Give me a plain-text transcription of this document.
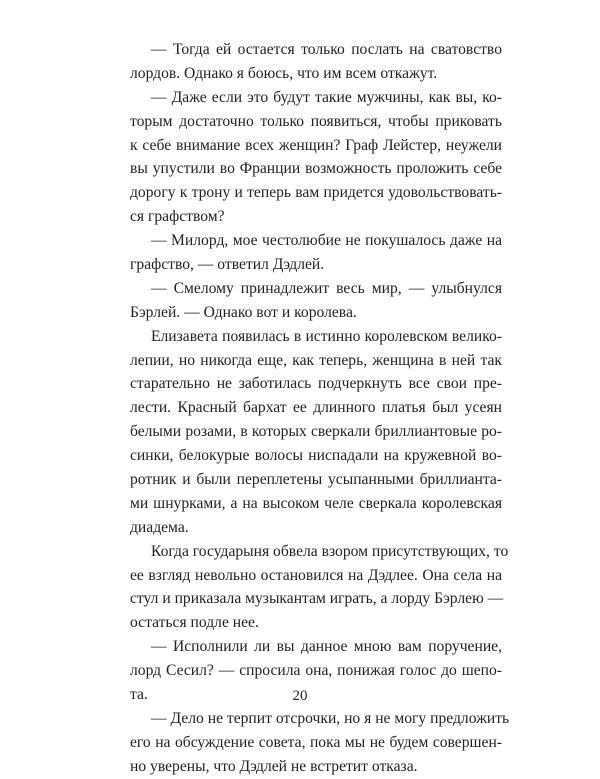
— Тогда ей остается только послать на сватовство
лордов. Однако я боюсь, что им всем откажут.
— Даже если это будут такие мужчины, как вы, ко-
торым достаточно только появиться, чтобы приковать
к себе внимание всех женщин? Граф Лейстер, неужели
вы упустили во Франции возможность проложить себе
дорогу к трону и теперь вам придется удовольствовать-
ся графством?
— Милорд, мое честолюбие не покушалось даже на
графство, — ответил Дэдлей.
— Смелому принадлежит весь мир, — улыбнулся
Бэрлей. — Однако вот и королева.
Елизавета появилась в истинно королевском велико-
лепии, но никогда еще, как теперь, женщина в ней так
старательно не заботилась подчеркнуть все свои пре-
лести. Красный бархат ее длинного платья был усеян
белыми розами, в которых сверкали бриллиантовые ро-
синки, белокурые волосы ниспадали на кружевной во-
ротник и были переплетены усыпанными бриллианта-
ми шнурками, а на высоком челе сверкала королевская
диадема.
Когда государыня обвела взором присутствующих, то
ее взгляд невольно остановился на Дэдлее. Она села на
стул и приказала музыкантам играть, а лорду Бэрлею —
остаться подле нее.
— Исполнили ли вы данное мною вам поручение,
лорд Сесил? — спросила она, понижая голос до шепо-
та.
— Дело не терпит отсрочки, но я не могу предложить
его на обсуждение совета, пока мы не будем совершен-
но уверены, что Дэдлей не встретит отказа.
20
